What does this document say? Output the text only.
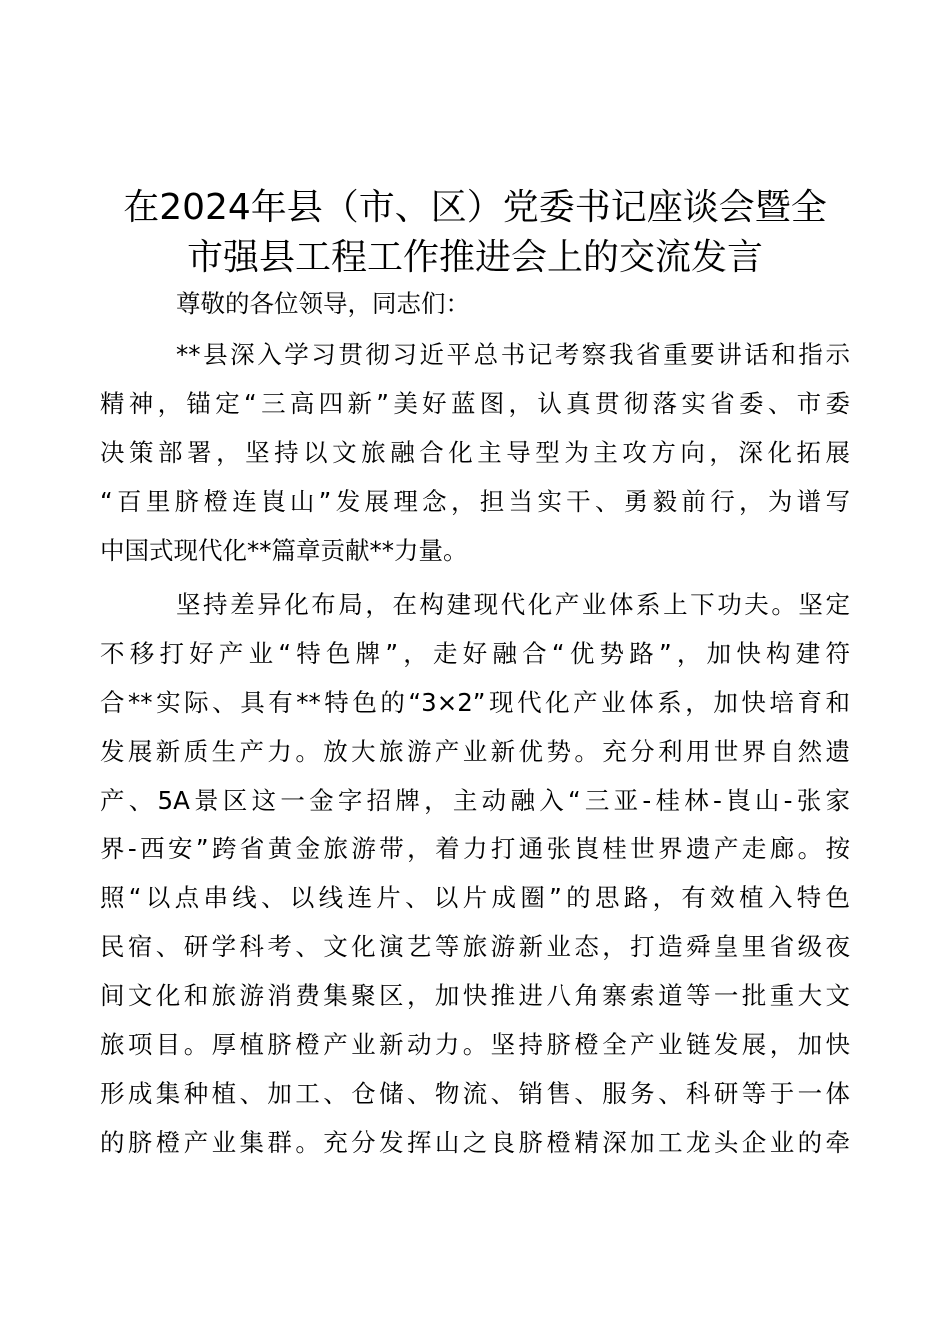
在2024年县（市、区）党委书记座谈会暨全
市强县工程工作推进会上的交流发言
尊敬的各位领导，同志们：
**县深入学习贯彻习近平总书记考察我省重要讲话和指示
精神，锚定“三高四新”美好蓝图，认真贯彻落实省委、市委
决策部署，坚持以文旅融合化主导型为主攻方向，深化拓展
“百里脐橙连崀山”发展理念，担当实干、勇毅前行，为谱写
中国式现代化**篇章贡献**力量。
坚持差异化布局，在构建现代化产业体系上下功夫。坚定
不移打好产业“特色牌”，走好融合“优势路”，加快构建符
合**实际、具有**特色的“3×2”现代化产业体系，加快培育和
发展新质生产力。放大旅游产业新优势。充分利用世界自然遗
产、5A景区这一金字招牌，主动融入“三亚-桂林-崀山-张家
界-西安”跨省黄金旅游带，着力打通张崀桂世界遗产走廊。按
照“以点串线、以线连片、以片成圈”的思路，有效植入特色
民宿、研学科考、文化演艺等旅游新业态，打造舜皇里省级夜
间文化和旅游消费集聚区，加快推进八角寨索道等一批重大文
旅项目。厚植脐橙产业新动力。坚持脐橙全产业链发展，加快
形成集种植、加工、仓储、物流、销售、服务、科研等于一体
的脐橙产业集群。充分发挥山之良脐橙精深加工龙头企业的牵
